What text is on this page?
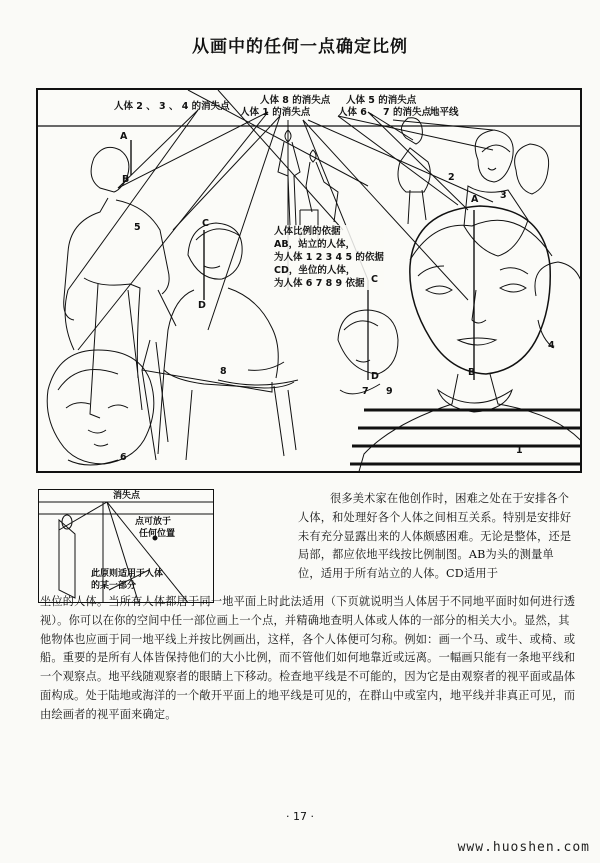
从画中的任何一点确定比例
人体 2 、 3 、 4 的消失点
人体 8 的消失点 人体 5 的消失点
人体 1 的消失点	人体 6 、 7 的消失点 地平线
人体比例的依据
AB，站立的人体，
为人体 1 2 3 4 5 的依据
CD，坐位的人体，
为人体 6 7 8 9 依据
A
B
A
B
C
D
C
D
1
2
3
4
5
6
7
8
9
消失点
点可放于
任何位置
此原则适用于人体
的某一部分

很多美术家在他创作时，困难之处在于安排各个人体，和处理好各个人体之间相互关系。特别是安排好未有充分显露出来的人体颇感困难。无论是整体，还是局部，都应依地平线按比例制图。AB为头的测量单位，适用于所有站立的人体。CD适用于

坐位的人体。当所有人体都居于同一地平面上时此法适用（下页就说明当人体居于不同地平面时如何进行透视）。你可以在你的空间中任一部位画上一个点，并精确地查明人体或人体的一部分的相关大小。显然，其他物体也应画于同一地平线上并按比例画出，这样，各个人体便可匀称。例如：画一个马、或牛、或椅、或船。重要的是所有人体皆保持他们的大小比例，而不管他们如何地靠近或远离。一幅画只能有一条地平线和一个观察点。地平线随观察者的眼睛上下移动。检查地平线是不可能的，因为它是由观察者的视平面或晶体面构成。处于陆地或海洋的一个敞开平面上的地平线是可见的，在群山中或室内，地平线并非真正可见，而由绘画者的视平面来确定。

· 17 ·
www.huoshen.com
